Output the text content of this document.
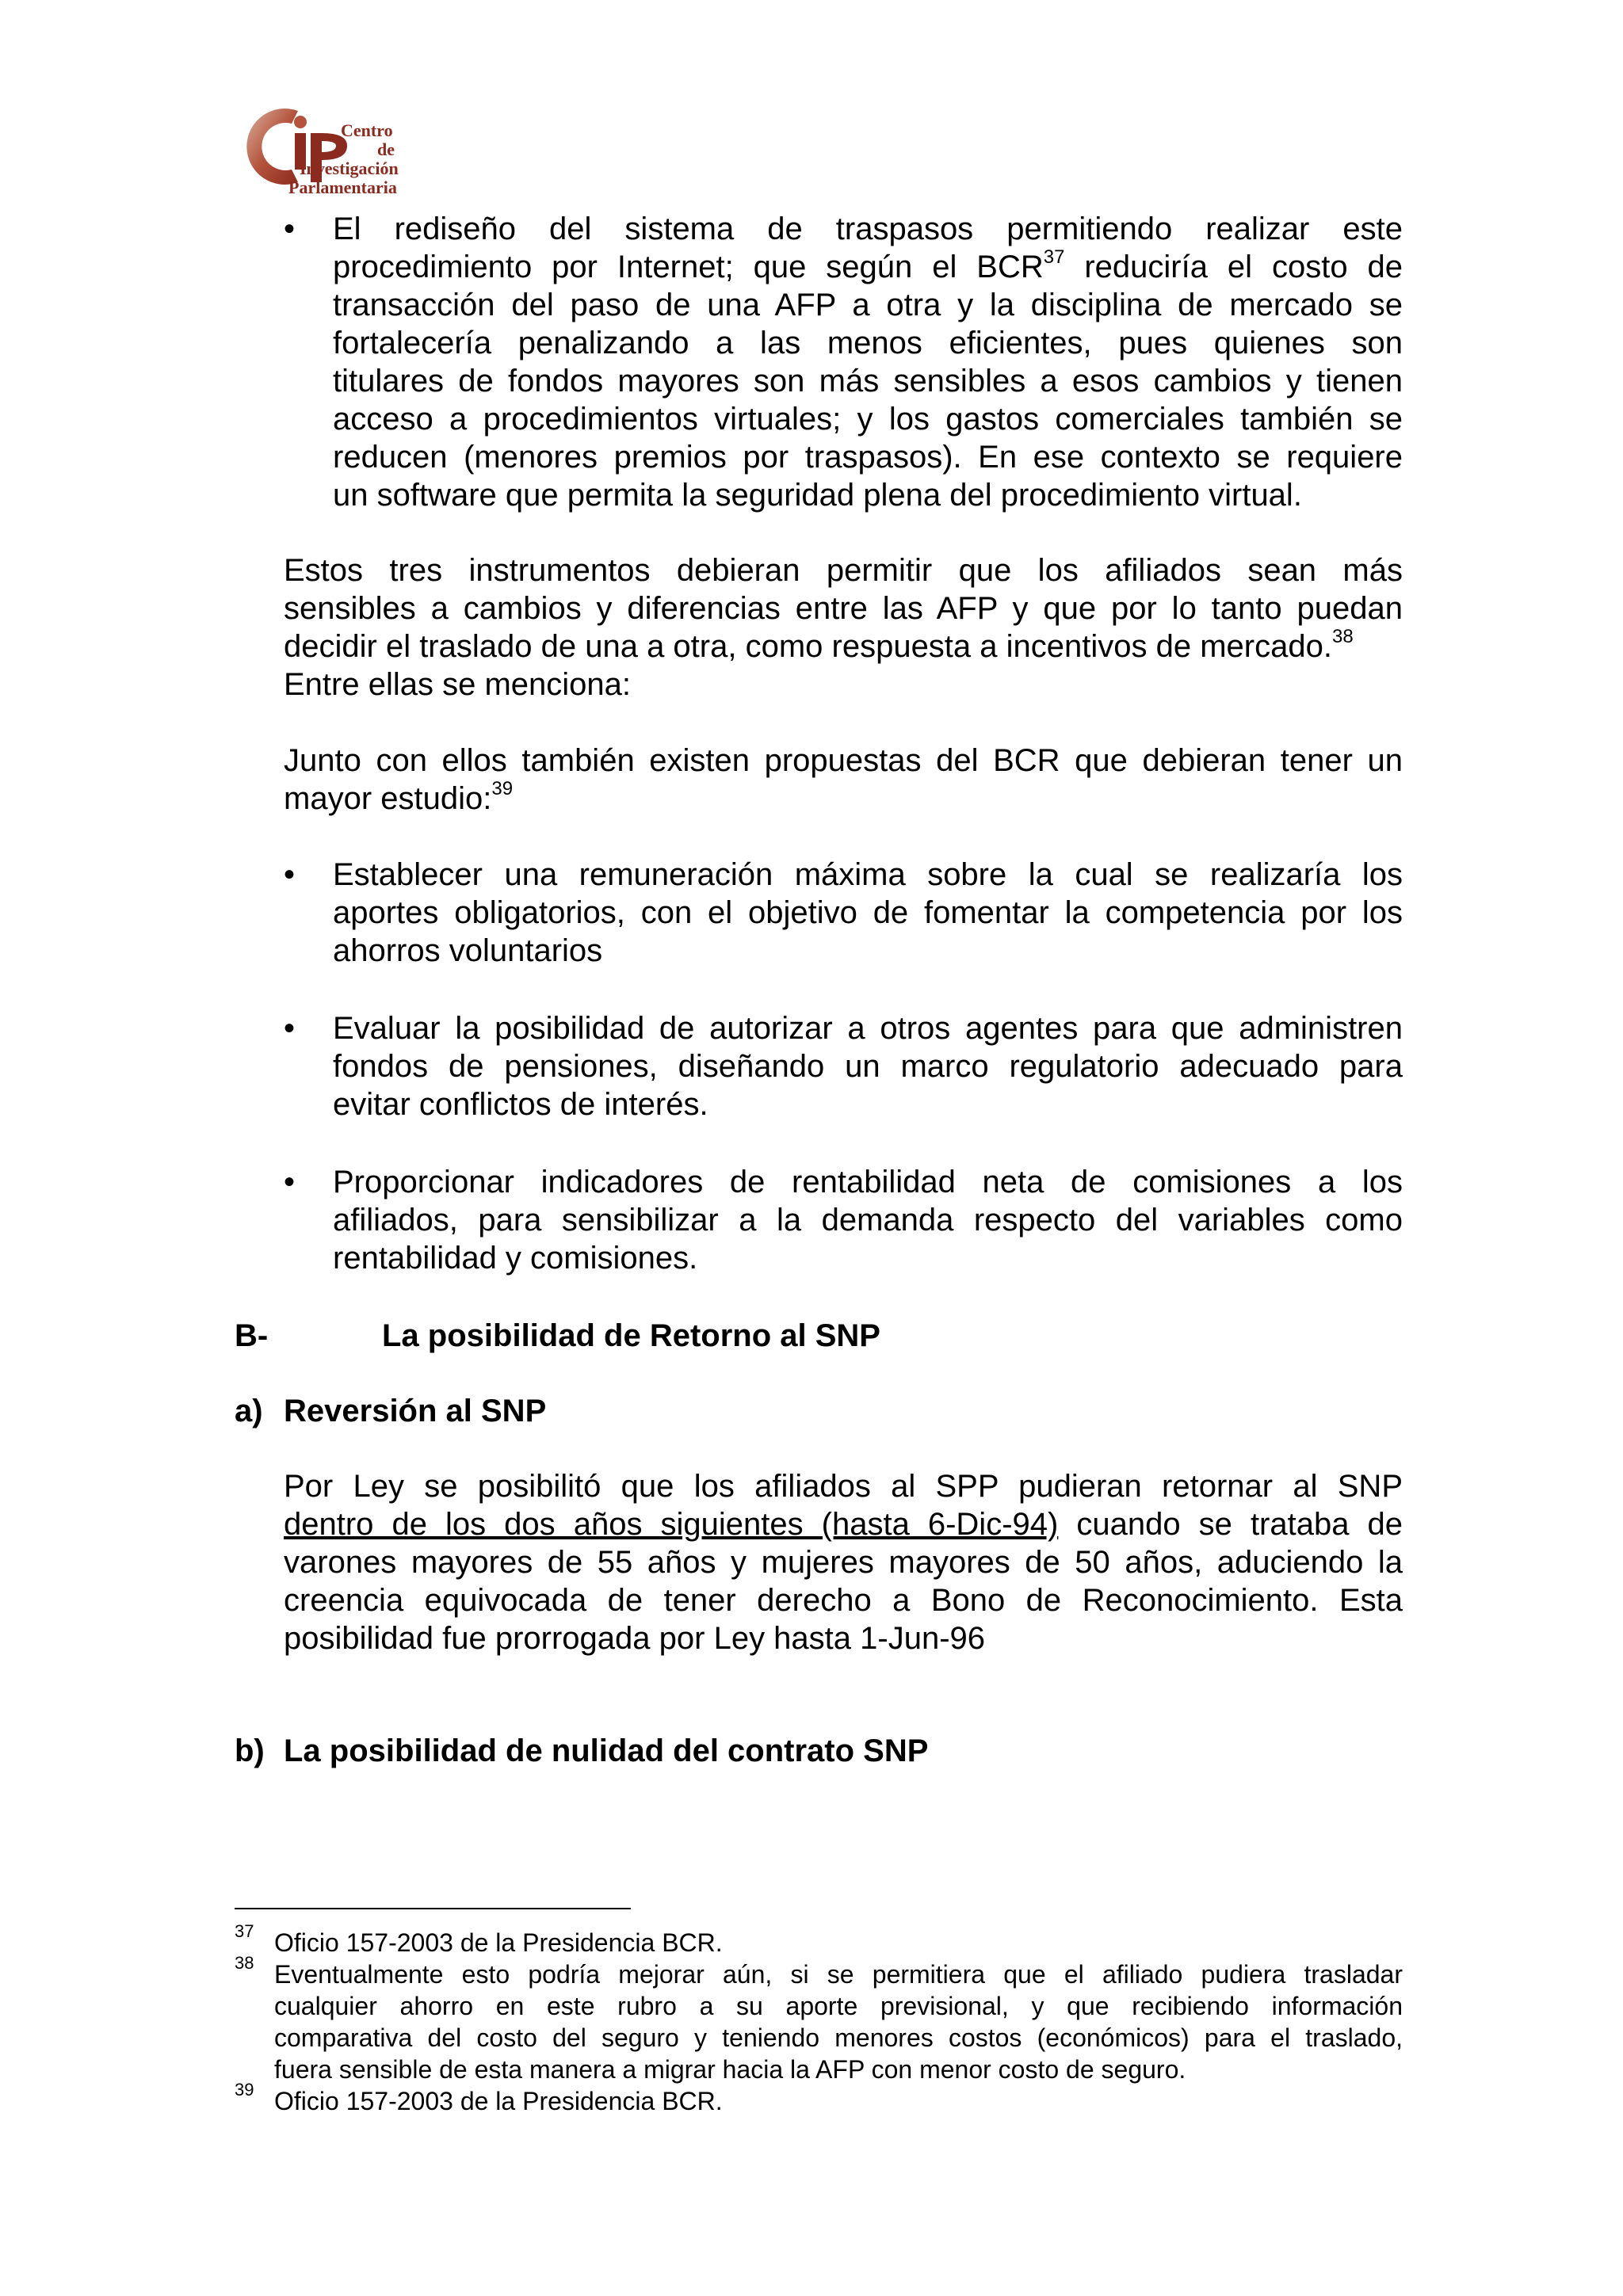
Centro
de
Investigación
Parlamentaria
• El rediseño del sistema de traspasos permitiendo realizar este
procedimiento por Internet; que según el BCR$^{37}$ reduciría el costo de
transacción del paso de una AFP a otra y la disciplina de mercado se
fortalecería penalizando a las menos eficientes, pues quienes son
titulares de fondos mayores son más sensibles a esos cambios y tienen
acceso a procedimientos virtuales; y los gastos comerciales también se
reducen (menores premios por traspasos). En ese contexto se requiere
un software que permita la seguridad plena del procedimiento virtual.
Estos tres instrumentos debieran permitir que los afiliados sean más
sensibles a cambios y diferencias entre las AFP y que por lo tanto puedan
decidir el traslado de una a otra, como respuesta a incentivos de mercado.$^{38}$
Entre ellas se menciona:
Junto con ellos también existen propuestas del BCR que debieran tener un
mayor estudio:$^{39}$
• Establecer una remuneración máxima sobre la cual se realizaría los
aportes obligatorios, con el objetivo de fomentar la competencia por los
ahorros voluntarios
• Evaluar la posibilidad de autorizar a otros agentes para que administren
fondos de pensiones, diseñando un marco regulatorio adecuado para
evitar conflictos de interés.
• Proporcionar indicadores de rentabilidad neta de comisiones a los
afiliados, para sensibilizar a la demanda respecto del variables como
rentabilidad y comisiones.
B-	La posibilidad de Retorno al SNP
a) Reversión al SNP
Por Ley se posibilitó que los afiliados al SPP pudieran retornar al SNP
dentro de los dos años siguientes (hasta 6-Dic-94) cuando se trataba de
varones mayores de 55 años y mujeres mayores de 50 años, aduciendo la
creencia equivocada de tener derecho a Bono de Reconocimiento. Esta
posibilidad fue prorrogada por Ley hasta 1-Jun-96
b) La posibilidad de nulidad del contrato SNP
37 Oficio 157-2003 de la Presidencia BCR.
38 Eventualmente esto podría mejorar aún, si se permitiera que el afiliado pudiera trasladar
cualquier ahorro en este rubro a su aporte previsional, y que recibiendo información
comparativa del costo del seguro y teniendo menores costos (económicos) para el traslado,
fuera sensible de esta manera a migrar hacia la AFP con menor costo de seguro.
39 Oficio 157-2003 de la Presidencia BCR.
